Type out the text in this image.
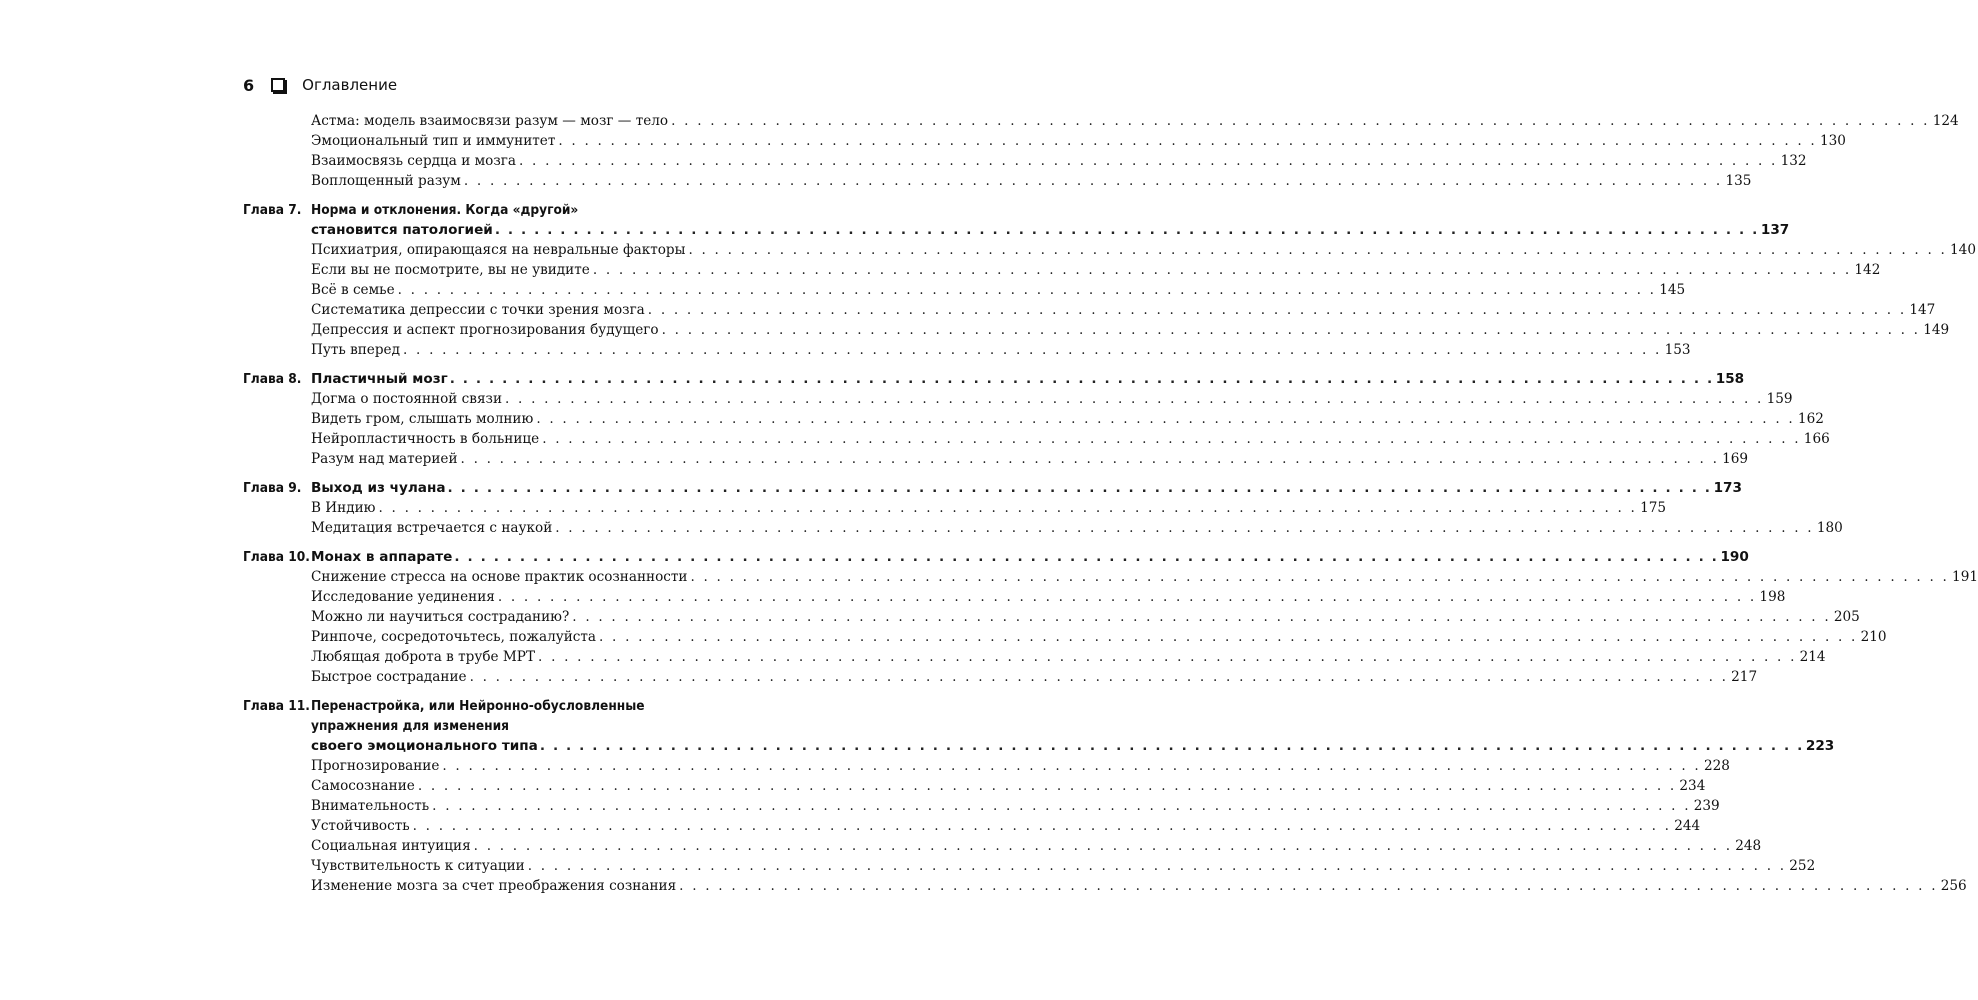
6	Оглавление
Астма: модель взаимосвязи разум — мозг — тело . . .	124
Эмоциональный тип и иммунитет . . .	130
Взаимосвязь сердца и мозга . . .	132
Воплощенный разум . . .	135
Глава 7. Норма и отклонения. Когда «другой»
становится патологией . . .	137
Психиатрия, опирающаяся на невральные факторы . . .	140
Если вы не посмотрите, вы не увидите . . .	142
Всё в семье . . .	145
Систематика депрессии с точки зрения мозга . . .	147
Депрессия и аспект прогнозирования будущего . . .	149
Путь вперед . . .	153
Глава 8. Пластичный мозг . . .	158
Догма о постоянной связи . . .	159
Видеть гром, слышать молнию . . .	162
Нейропластичность в больнице . . .	166
Разум над материей . . .	169
Глава 9. Выход из чулана . . .	173
В Индию . . .	175
Медитация встречается с наукой . . .	180
Глава 10. Монах в аппарате . . .	190
Снижение стресса на основе практик осознанности . . .	191
Исследование уединения . . .	198
Можно ли научиться состраданию? . . .	205
Ринпоче, сосредоточьтесь, пожалуйста . . .	210
Любящая доброта в трубе МРТ . . .	214
Быстрое сострадание . . .	217
Глава 11. Перенастройка, или Нейронно-обусловленные
упражнения для изменения
своего эмоционального типа . . .	223
Прогнозирование . . .	228
Самосознание . . .	234
Внимательность . . .	239
Устойчивость . . .	244
Социальная интуиция . . .	248
Чувствительность к ситуации . . .	252
Изменение мозга за счет преображения сознания . . .	256
